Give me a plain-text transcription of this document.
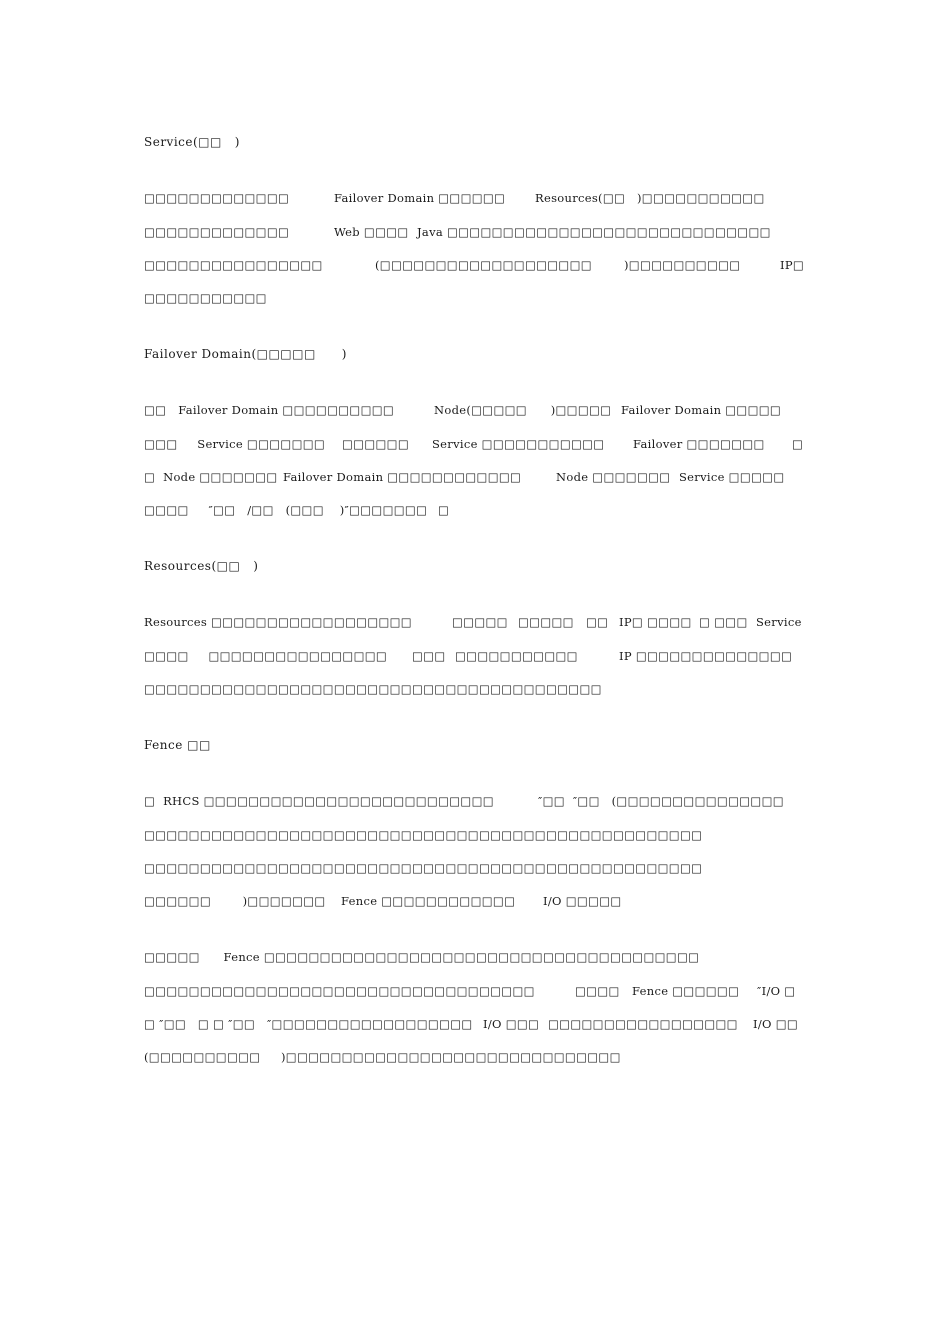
Service(□□   )
□□□□□□□□□□□□□	Failover Domain □□□□□□	Resources(□□   )□□□□□□□□□□□
□□□□□□□□□□□□□	Web □□□□ Java □□□□□□□□□□□□□□□□□□□□□□□□□□□□□
□□□□□□□□□□□□□□□□	(□□□□□□□□□□□□□□□□□□□	)□□□□□□□□□□	IP□
□□□□□□□□□□□
Failover Domain(□□□□□      )
□□   Failover Domain □□□□□□□□□□	Node(□□□□□      )□□□□□ Failover Domain □□□□□
□□□     Service □□□□□□□ □□□□□□ Service □□□□□□□□□□□ Failover □□□□□□□ □
□  Node □□□□□□□ Failover Domain □□□□□□□□□□□□	Node □□□□□□□ Service □□□□□
□□□□     ″□□   /□□   (□□□    )″□□□□□□□ □
Resources(□□   )
Resources □□□□□□□□□□□□□□□□□□	□□□□□ □□□□□ □□ IP□ □□□□ □ □□□ Service
□□□□     □□□□□□□□□□□□□□□□ □□□ □□□□□□□□□□□	IP □□□□□□□□□□□□□□
□□□□□□□□□□□□□□□□□□□□□□□□□□□□□□□□□□□□□□□□□
Fence □□
□  RHCS □□□□□□□□□□□□□□□□□□□□□□□□□□	″□□  ″□□   (□□□□□□□□□□□□□□□
□□□□□□□□□□□□□□□□□□□□□□□□□□□□□□□□□□□□□□□□□□□□□□□□□□
□□□□□□□□□□□□□□□□□□□□□□□□□□□□□□□□□□□□□□□□□□□□□□□□□□
□□□□□□        )□□□□□□□ Fence □□□□□□□□□□□□ I/O □□□□□
□□□□□      Fence □□□□□□□□□□□□□□□□□□□□□□□□□□□□□□□□□□□□□□□
□□□□□□□□□□□□□□□□□□□□□□□□□□□□□□□□□□□	□□□□ Fence □□□□□□ ″I/O □
□ ″□□   □ □ ″□□   ″□□□□□□□□□□□□□□□□□□ I/O □□□ □□□□□□□□□□□□□□□□□ I/O □□
(□□□□□□□□□□ )□□□□□□□□□□□□□□□□□□□□□□□□□□□□□□
